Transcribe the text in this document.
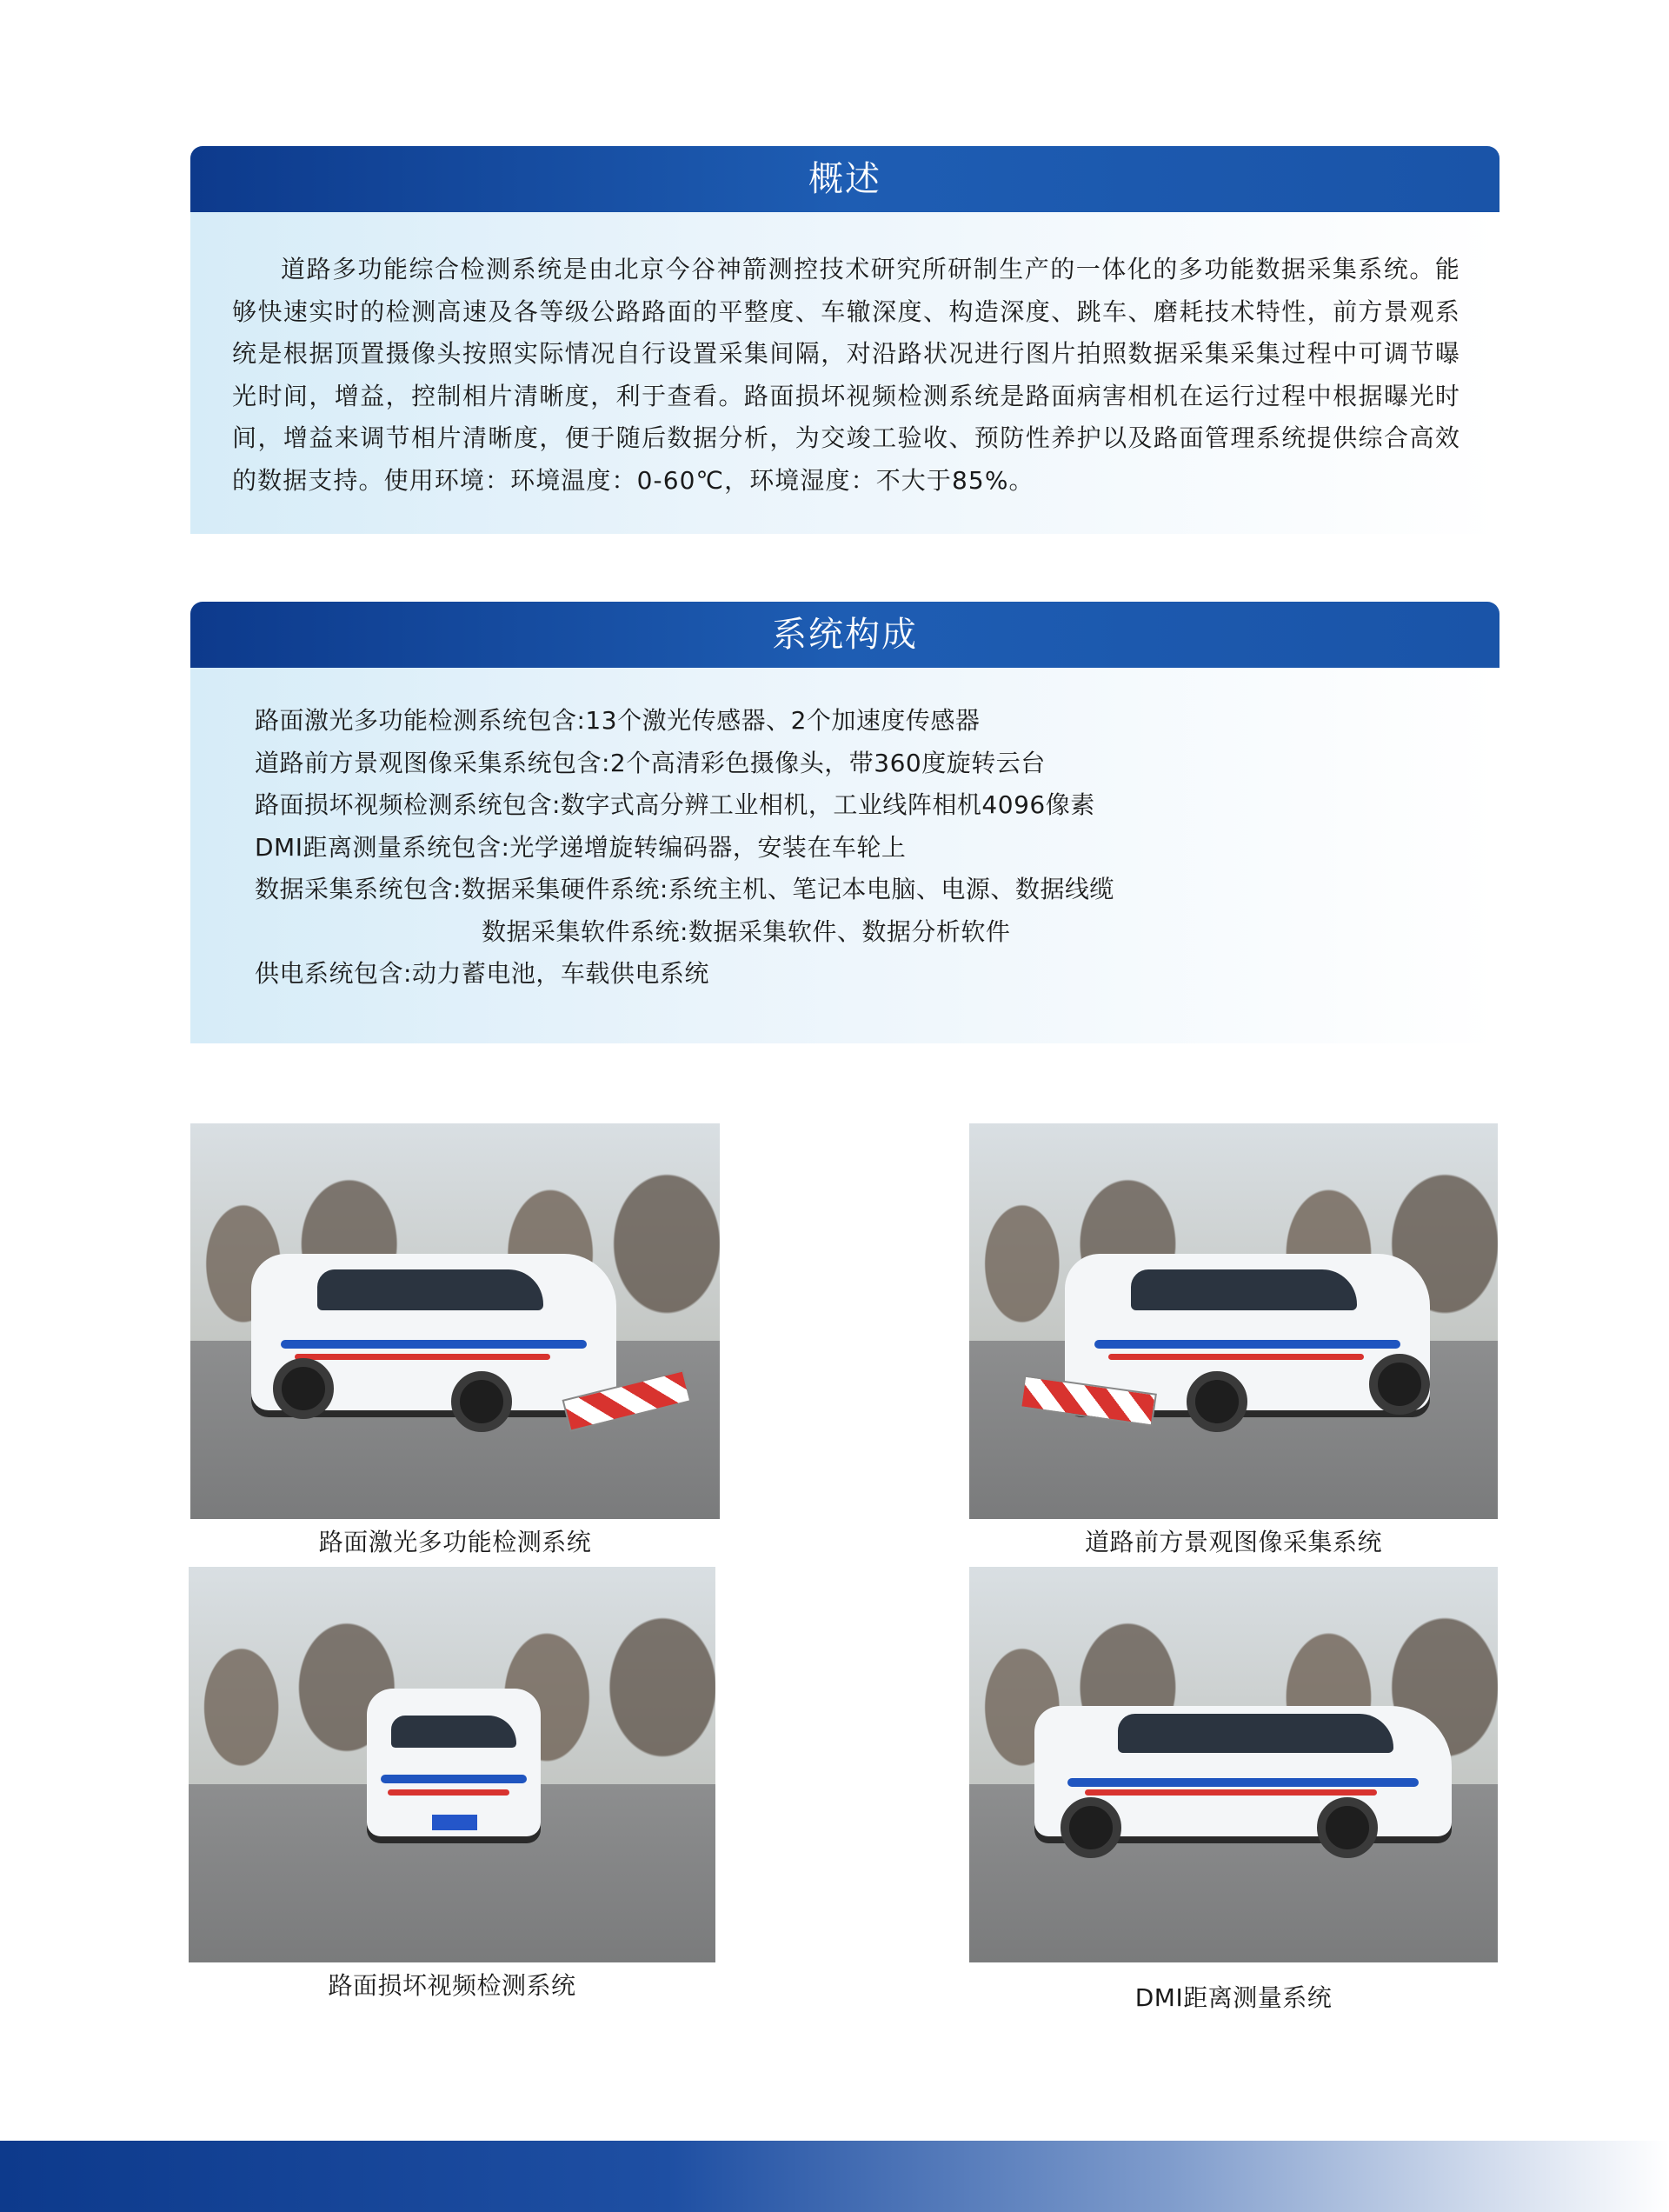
概述

道路多功能综合检测系统是由北京今谷神箭测控技术研究所研制生产的一体化的多功能数据采集系统。能够快速实时的检测高速及各等级公路路面的平整度、车辙深度、构造深度、跳车、磨耗技术特性，前方景观系统是根据顶置摄像头按照实际情况自行设置采集间隔，对沿路状况进行图片拍照数据采集采集过程中可调节曝光时间，增益，控制相片清晰度，利于查看。路面损坏视频检测系统是路面病害相机在运行过程中根据曝光时间，增益来调节相片清晰度，便于随后数据分析，为交竣工验收、预防性养护以及路面管理系统提供综合高效的数据支持。使用环境：环境温度：0-60℃，环境湿度：不大于85%。

系统构成

路面激光多功能检测系统包含:13个激光传感器、2个加速度传感器

道路前方景观图像采集系统包含:2个高清彩色摄像头，带360度旋转云台

路面损坏视频检测系统包含:数字式高分辨工业相机，工业线阵相机4096像素

DMI距离测量系统包含:光学递增旋转编码器，安装在车轮上

数据采集系统包含:数据采集硬件系统:系统主机、笔记本电脑、电源、数据线缆

数据采集软件系统:数据采集软件、数据分析软件

供电系统包含:动力蓄电池，车载供电系统

路面激光多功能检测系统	道路前方景观图像采集系统
路面损坏视频检测系统	DMI距离测量系统
